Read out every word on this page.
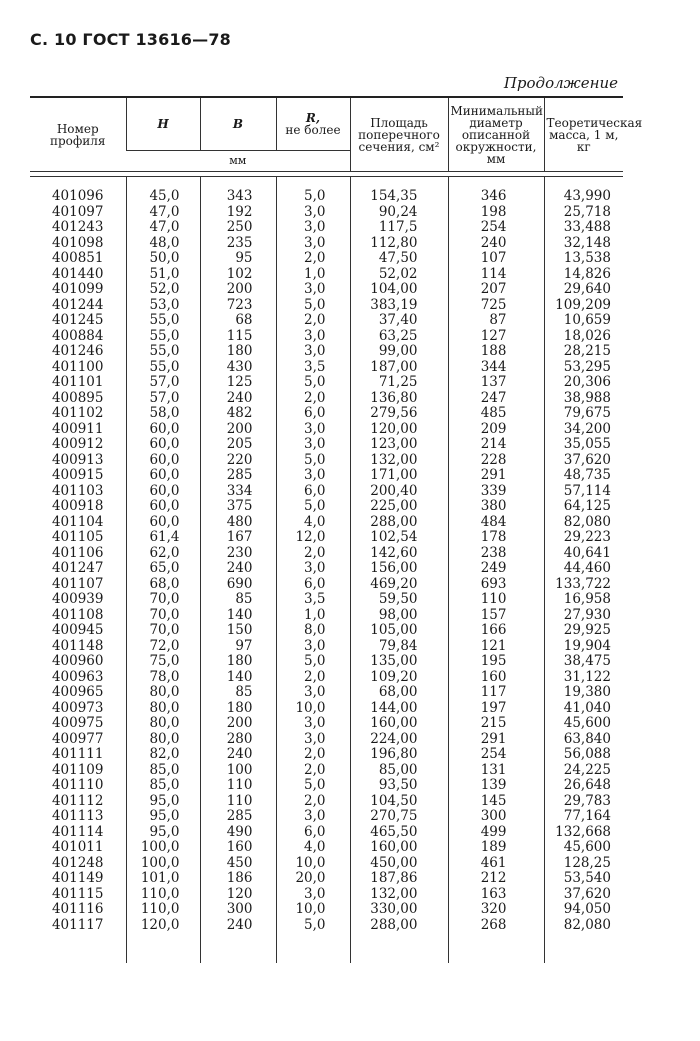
С. 10 ГОСТ 13616—78
Продолжение
Номер профиля	H	B	R,
не более	Площадь поперечного сечения, см²	Минимальный диаметр описанной окружности, мм	Теоретическая масса, 1 м, кг
	мм					

401096	45,0	343	5,0	154,35	346	43,990
401097	47,0	192	3,0	90,24	198	25,718
401243	47,0	250	3,0	117,5	254	33,488
401098	48,0	235	3,0	112,80	240	32,148
400851	50,0	95	2,0	47,50	107	13,538
401440	51,0	102	1,0	52,02	114	14,826
401099	52,0	200	3,0	104,00	207	29,640
401244	53,0	723	5,0	383,19	725	109,209
401245	55,0	68	2,0	37,40	87	10,659
400884	55,0	115	3,0	63,25	127	18,026
401246	55,0	180	3,0	99,00	188	28,215
401100	55,0	430	3,5	187,00	344	53,295
401101	57,0	125	5,0	71,25	137	20,306
400895	57,0	240	2,0	136,80	247	38,988
401102	58,0	482	6,0	279,56	485	79,675
400911	60,0	200	3,0	120,00	209	34,200
400912	60,0	205	3,0	123,00	214	35,055
400913	60,0	220	5,0	132,00	228	37,620
400915	60,0	285	3,0	171,00	291	48,735
401103	60,0	334	6,0	200,40	339	57,114
400918	60,0	375	5,0	225,00	380	64,125
401104	60,0	480	4,0	288,00	484	82,080
401105	61,4	167	12,0	102,54	178	29,223
401106	62,0	230	2,0	142,60	238	40,641
401247	65,0	240	3,0	156,00	249	44,460
401107	68,0	690	6,0	469,20	693	133,722
400939	70,0	85	3,5	59,50	110	16,958
401108	70,0	140	1,0	98,00	157	27,930
400945	70,0	150	8,0	105,00	166	29,925
401148	72,0	97	3,0	79,84	121	19,904
400960	75,0	180	5,0	135,00	195	38,475
400963	78,0	140	2,0	109,20	160	31,122
400965	80,0	85	3,0	68,00	117	19,380
400973	80,0	180	10,0	144,00	197	41,040
400975	80,0	200	3,0	160,00	215	45,600
400977	80,0	280	3,0	224,00	291	63,840
401111	82,0	240	2,0	196,80	254	56,088
401109	85,0	100	2,0	85,00	131	24,225
401110	85,0	110	5,0	93,50	139	26,648
401112	95,0	110	2,0	104,50	145	29,783
401113	95,0	285	3,0	270,75	300	77,164
401114	95,0	490	6,0	465,50	499	132,668
401011	100,0	160	4,0	160,00	189	45,600
401248	100,0	450	10,0	450,00	461	128,25
401149	101,0	186	20,0	187,86	212	53,540
401115	110,0	120	3,0	132,00	163	37,620
401116	110,0	300	10,0	330,00	320	94,050
401117	120,0	240	5,0	288,00	268	82,080
